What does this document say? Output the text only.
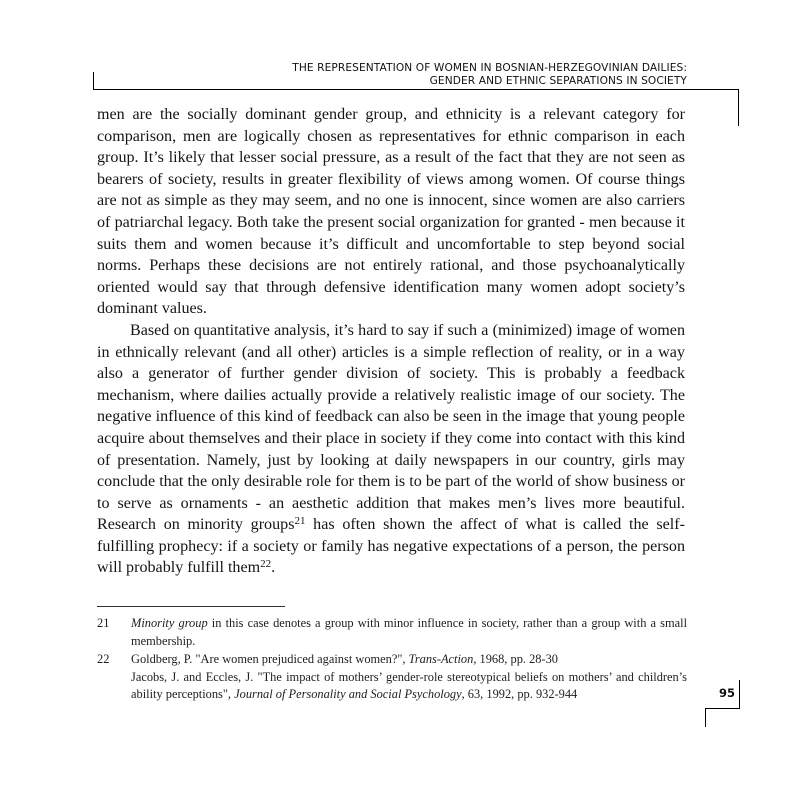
THE REPRESENTATION OF WOMEN IN BOSNIAN-HERZEGOVINIAN DAILIES:
GENDER AND ETHNIC SEPARATIONS IN SOCIETY

men are the socially dominant gender group, and ethnicity is a relevant category for comparison, men are logically chosen as representatives for ethnic comparison in each group. It’s likely that lesser social pressure, as a result of the fact that they are not seen as bearers of society, results in greater flexibility of views among women. Of course things are not as simple as they may seem, and no one is innocent, since women are also carriers of patriarchal legacy. Both take the present social organization for granted - men because it suits them and women because it’s difficult and uncomfortable to step beyond social norms. Perhaps these decisions are not entirely rational, and those psychoanalytically oriented would say that through defensive identification many women adopt society’s dominant values.

Based on quantitative analysis, it’s hard to say if such a (minimized) image of women in ethnically relevant (and all other) articles is a simple reflection of reality, or in a way also a generator of further gender division of society. This is probably a feedback mechanism, where dailies actually provide a relatively realistic image of our society. The negative influence of this kind of feedback can also be seen in the image that young people acquire about themselves and their place in society if they come into contact with this kind of presentation. Namely, just by looking at daily newspapers in our country, girls may conclude that the only desirable role for them is to be part of the world of show business or to serve as ornaments - an aesthetic addition that makes men’s lives more beautiful. Research on minority groups$^{21}$ has often shown the affect of what is called the self-fulfilling prophecy: if a society or family has negative expectations of a person, the person will probably fulfill them$^{22}$.

21 Minority group in this case denotes a group with minor influence in society, rather than a group with a small membership.
22 Goldberg, P. "Are women prejudiced against women?", Trans-Action, 1968, pp. 28-30
Jacobs, J. and Eccles, J. "The impact of mothers’ gender-role stereotypical beliefs on mothers’ and children’s ability perceptions", Journal of Personality and Social Psychology, 63, 1992, pp. 932-944	95
